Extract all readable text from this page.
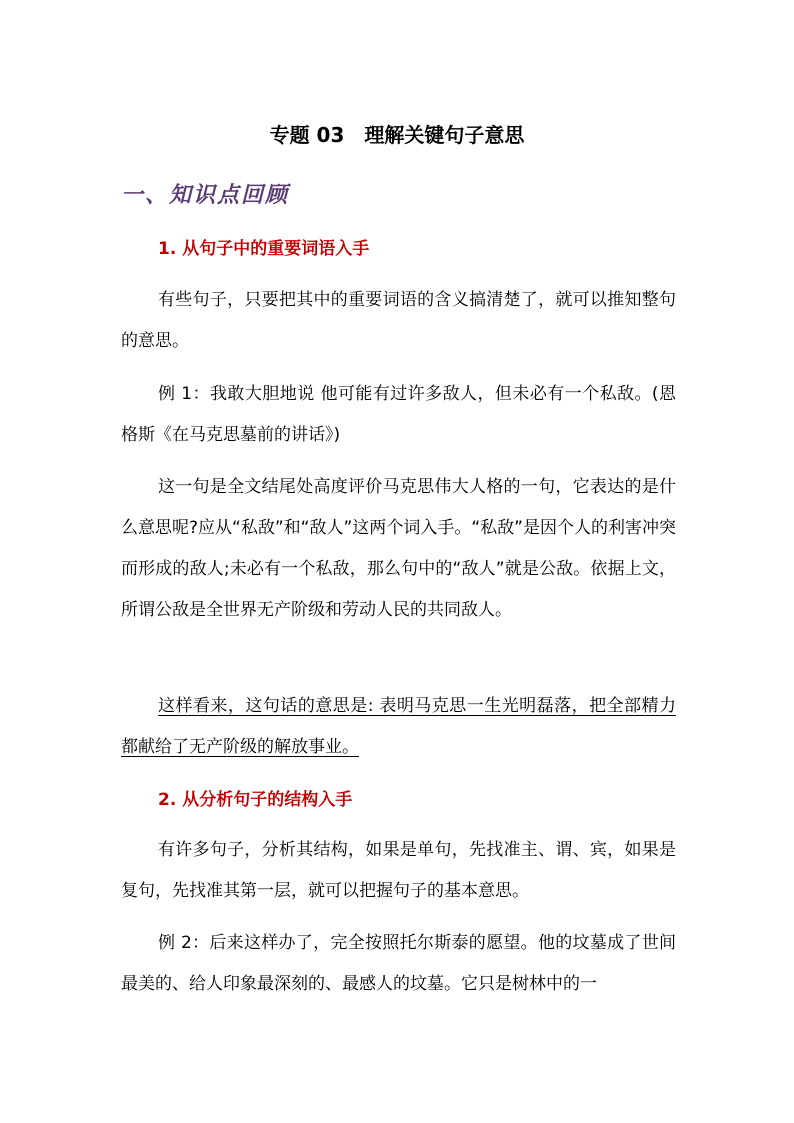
专题 03　理解关键句子意思
一、知识点回顾
1. 从句子中的重要词语入手

有些句子，只要把其中的重要词语的含义搞清楚了，就可以推知整句的意思。

例 1：我敢大胆地说 他可能有过许多敌人，但未必有一个私敌。(恩格斯《在马克思墓前的讲话》)

这一句是全文结尾处高度评价马克思伟大人格的一句，它表达的是什么意思呢?应从“私敌”和“敌人”这两个词入手。“私敌”是因个人的利害冲突而形成的敌人;未必有一个私敌，那么句中的“敌人”就是公敌。依据上文，所谓公敌是全世界无产阶级和劳动人民的共同敌人。

这样看来，这句话的意思是: 表明马克思一生光明磊落，把全部精力都献给了无产阶级的解放事业。

2. 从分析句子的结构入手

有许多句子，分析其结构，如果是单句，先找准主、谓、宾，如果是复句，先找准其第一层，就可以把握句子的基本意思。

例 2：后来这样办了，完全按照托尔斯泰的愿望。他的坟墓成了世间最美的、给人印象最深刻的、最感人的坟墓。它只是树林中的一
